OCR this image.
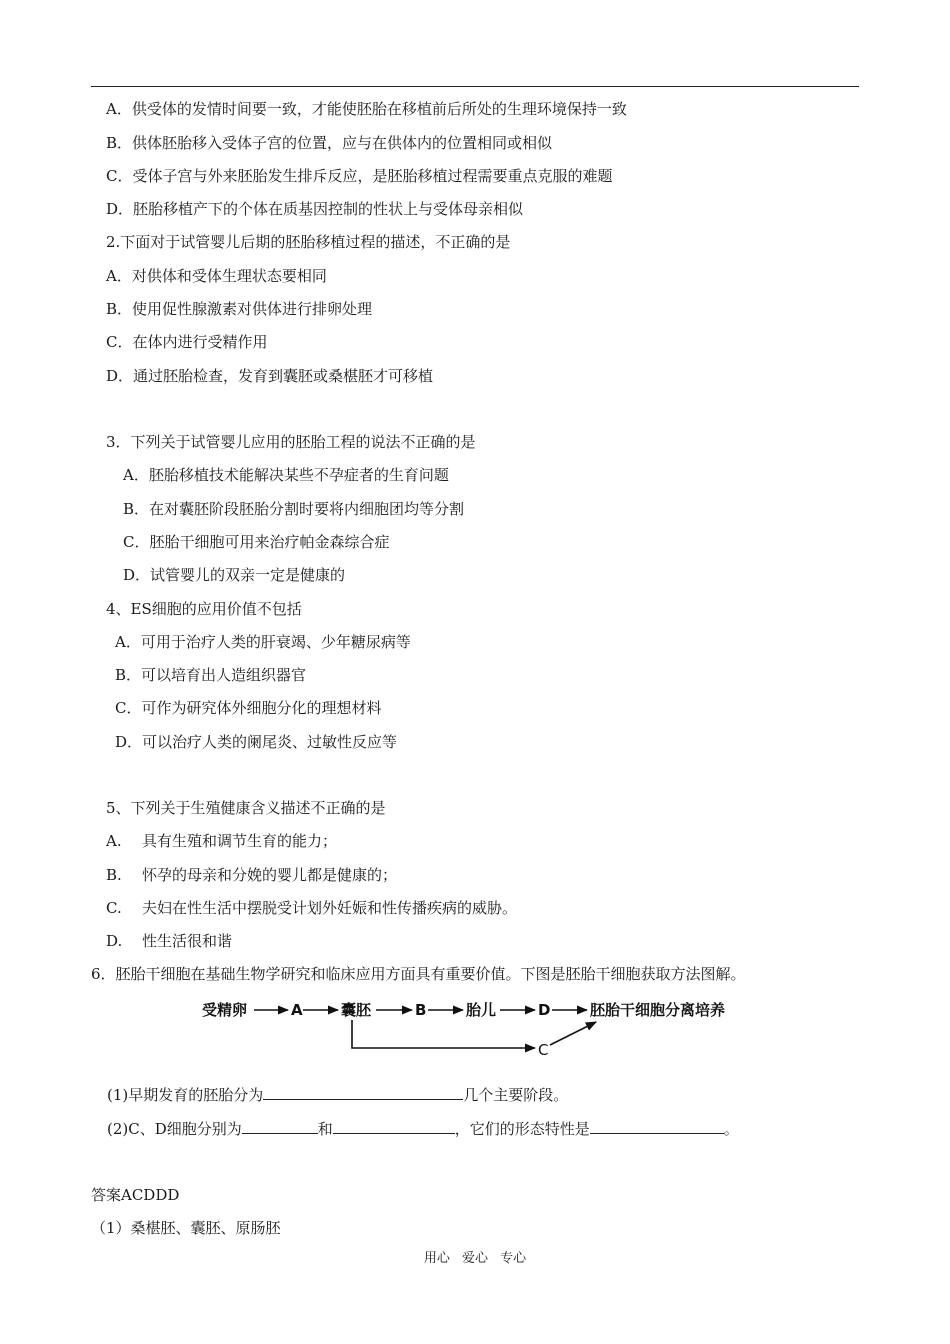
A．供受体的发情时间要一致，才能使胚胎在移植前后所处的生理环境保持一致
B．供体胚胎移入受体子宫的位置，应与在供体内的位置相同或相似
C．受体子宫与外来胚胎发生排斥反应，是胚胎移植过程需要重点克服的难题
D．胚胎移植产下的个体在质基因控制的性状上与受体母亲相似
2.下面对于试管婴儿后期的胚胎移植过程的描述，不正确的是
A．对供体和受体生理状态要相同
B．使用促性腺激素对供体进行排卵处理
C．在体内进行受精作用
D．通过胚胎检查，发育到囊胚或桑椹胚才可移植
3．下列关于试管婴儿应用的胚胎工程的说法不正确的是
A．胚胎移植技术能解决某些不孕症者的生育问题
B．在对囊胚阶段胚胎分割时要将内细胞团均等分割
C．胚胎干细胞可用来治疗帕金森综合症
D．试管婴儿的双亲一定是健康的
4、ES细胞的应用价值不包括
A．可用于治疗人类的肝衰竭、少年糖尿病等
B．可以培育出人造组织器官
C．可作为研究体外细胞分化的理想材料
D．可以治疗人类的阑尾炎、过敏性反应等
5、下列关于生殖健康含义描述不正确的是
A. 具有生殖和调节生育的能力；
B. 怀孕的母亲和分娩的婴儿都是健康的；
C. 夫妇在性生活中摆脱受计划外妊娠和性传播疾病的威胁。
D. 性生活很和谐
6．胚胎干细胞在基础生物学研究和临床应用方面具有重要价值。下图是胚胎干细胞获取方法图解。
受精卵	A	囊胚	B	胎儿	D	胚胎干细胞分离培养
C
(1)早期发育的胚胎分为	几个主要阶段。
(2)C、D细胞分别为	和	，它们的形态特性是	。
答案ACDDD
（1）桑椹胚、囊胚、原肠胚
用心 爱心 专心
